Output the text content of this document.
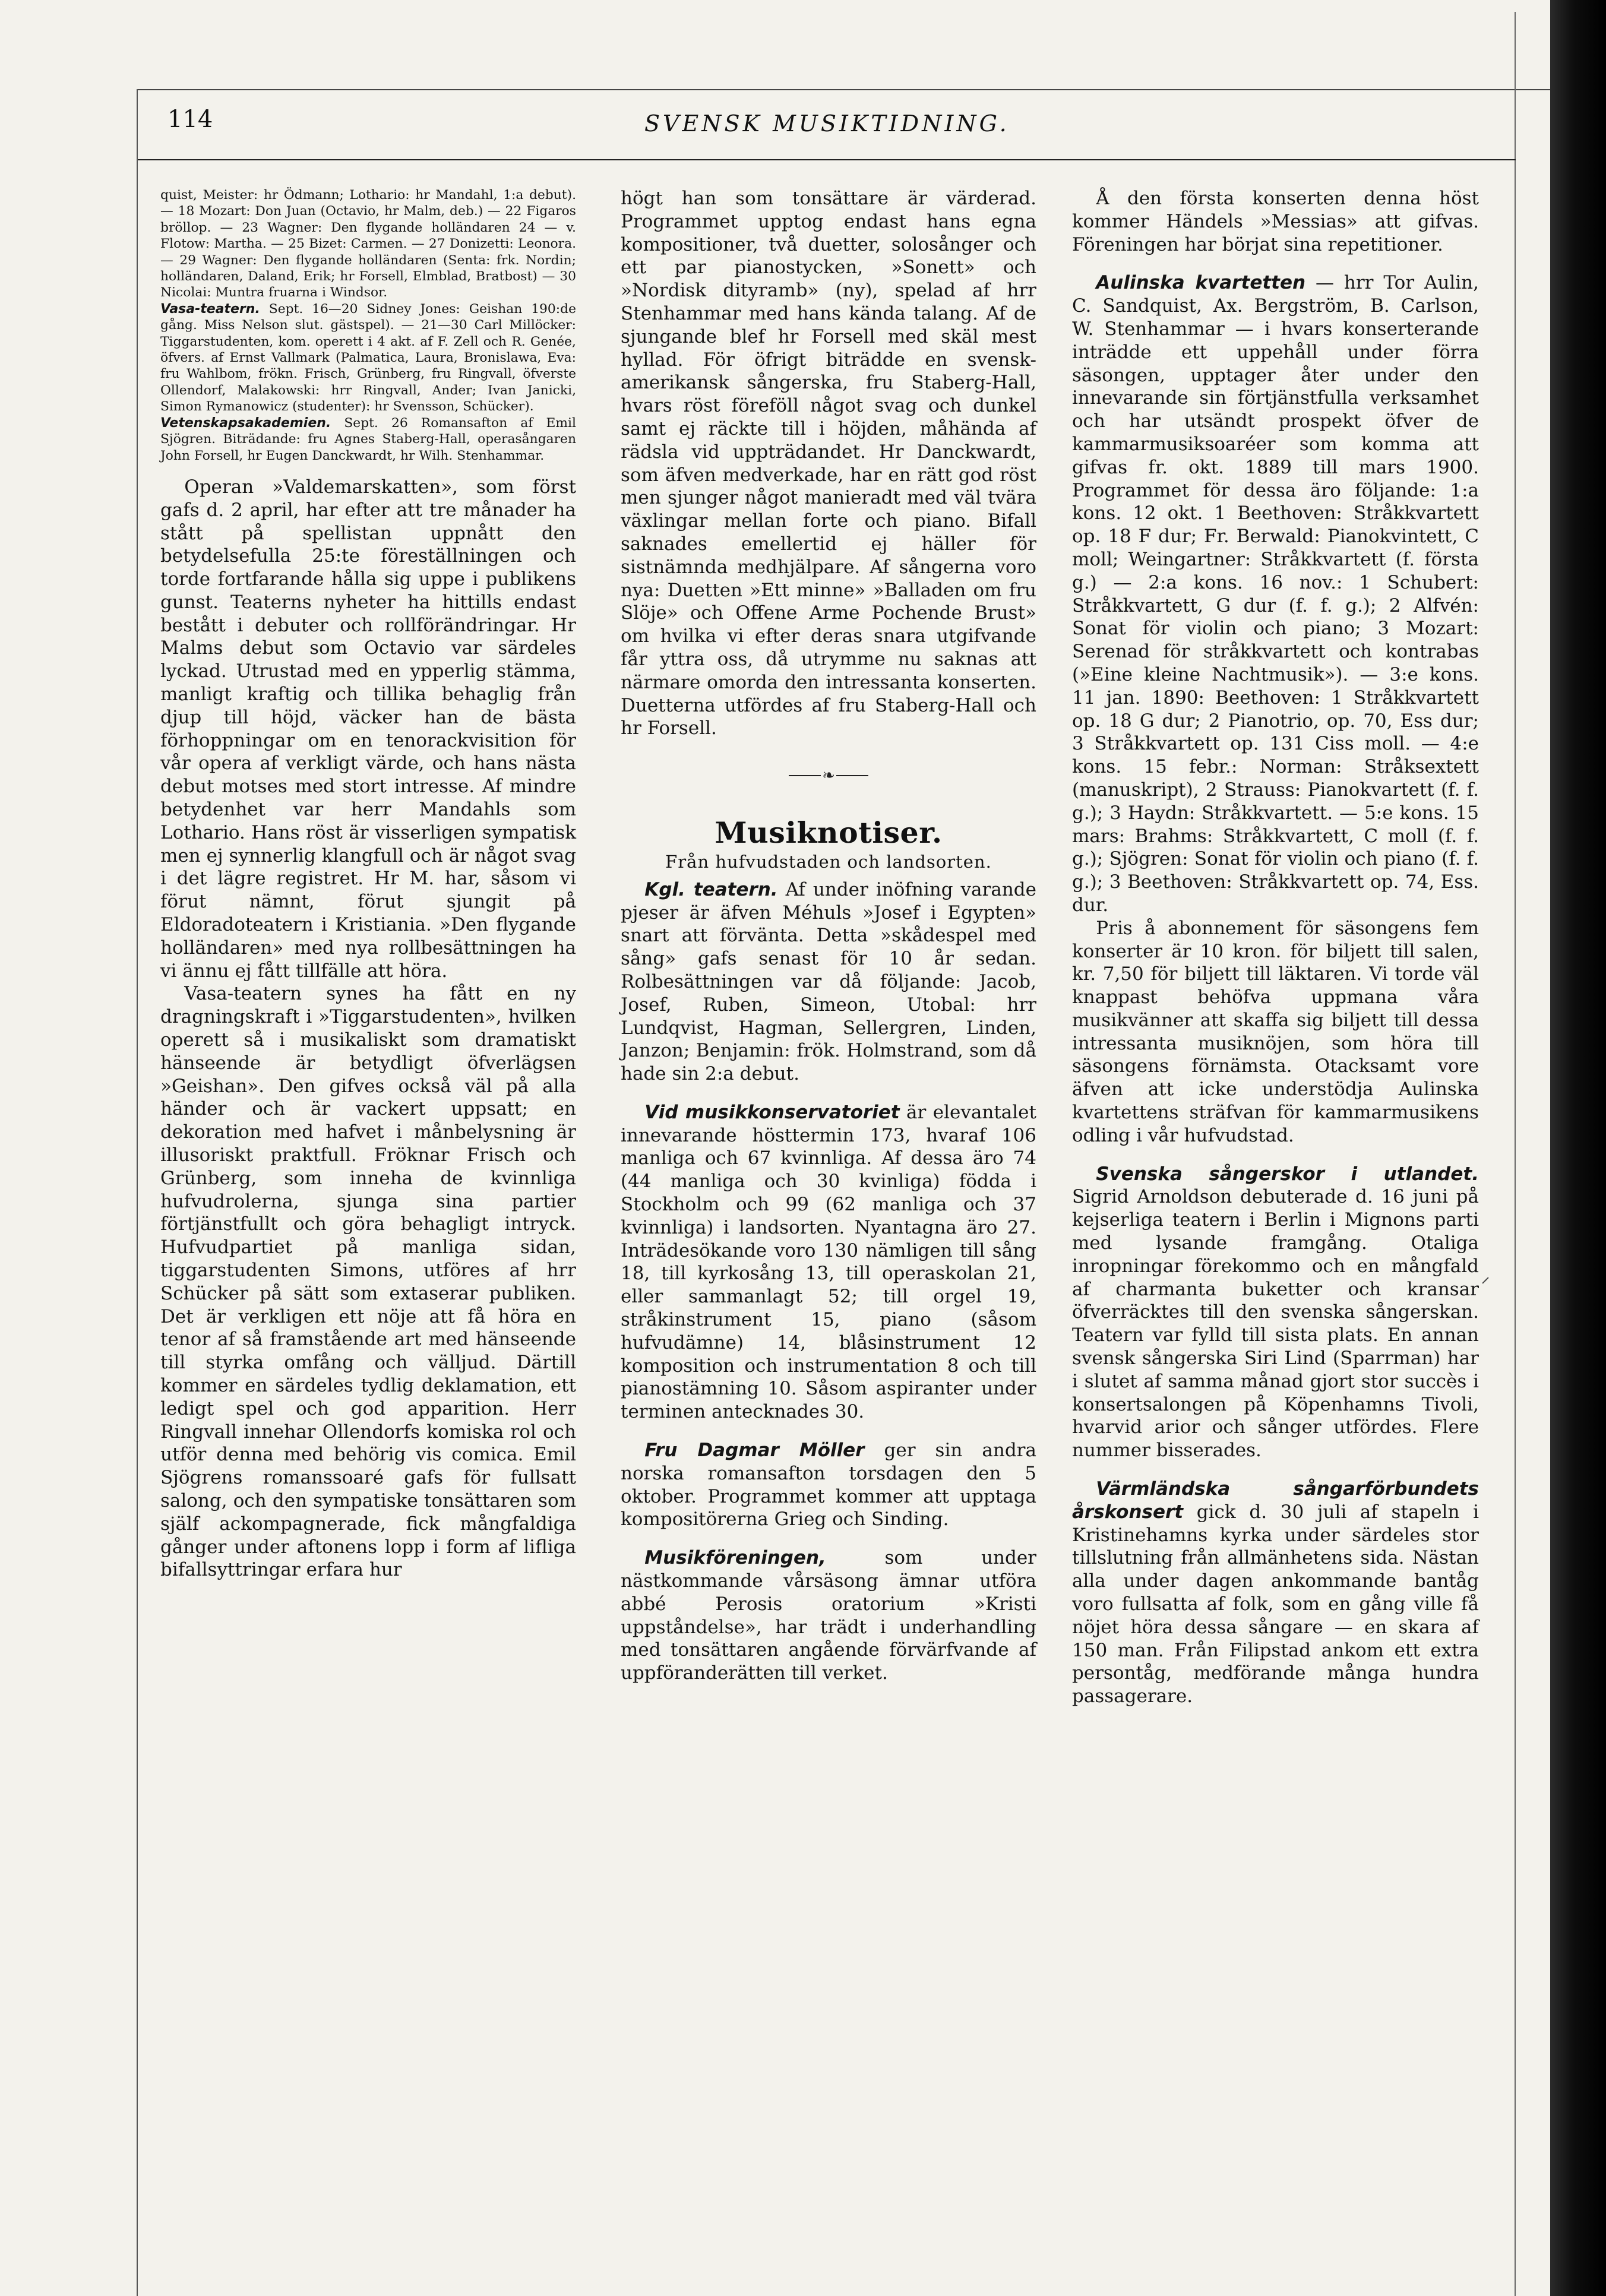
114	SVENSK MUSIKTIDNING.

quist, Meister: hr Ödmann; Lothario: hr Mandahl, 1:a debut). — 18 Mozart: Don Juan (Octavio, hr Malm, deb.) — 22 Figaros bröllop. — 23 Wagner: Den flygande holländaren 24 — v. Flotow: Martha. — 25 Bizet: Carmen. — 27 Donizetti: Leonora. — 29 Wagner: Den flygande holländaren (Senta: frk. Nordin; holländaren, Daland, Erik; hr Forsell, Elmblad, Bratbost) — 30 Nicolai: Muntra fruarna i Windsor.

Vasa-teatern. Sept. 16—20 Sidney Jones: Geishan 190:de gång. Miss Nelson slut. gästspel). — 21—30 Carl Millöcker: Tiggarstudenten, kom. operett i 4 akt. af F. Zell och R. Genée, öfvers. af Ernst Vallmark (Palmatica, Laura, Bronislawa, Eva: fru Wahlbom, frökn. Frisch, Grünberg, fru Ringvall, öfverste Ollendorf, Malakowski: hrr Ringvall, Ander; Ivan Janicki, Simon Rymanowicz (studenter): hr Svensson, Schücker).

Vetenskapsakademien. Sept. 26 Romansafton af Emil Sjögren. Biträdande: fru Agnes Staberg-Hall, operasångaren John Forsell, hr Eugen Danckwardt, hr Wilh. Stenhammar.

Operan »Valdemarskatten», som först gafs d. 2 april, har efter att tre månader ha stått på spellistan uppnått den betydelsefulla 25:te föreställningen och torde fortfarande hålla sig uppe i publikens gunst. Teaterns nyheter ha hittills endast bestått i debuter och rollförändringar. Hr Malms debut som Octavio var särdeles lyckad. Utrustad med en ypperlig stämma, manligt kraftig och tillika behaglig från djup till höjd, väcker han de bästa förhoppningar om en tenorackvisition för vår opera af verkligt värde, och hans nästa debut motses med stort intresse. Af mindre betydenhet var herr Mandahls som Lothario. Hans röst är visserligen sympatisk men ej synnerlig klangfull och är något svag i det lägre registret. Hr M. har, såsom vi förut nämnt, förut sjungit på Eldoradoteatern i Kristiania. »Den flygande holländaren» med nya rollbesättningen ha vi ännu ej fått tillfälle att höra.

Vasa-teatern synes ha fått en ny dragningskraft i »Tiggarstudenten», hvilken operett så i musikaliskt som dramatiskt hänseende är betydligt öfverlägsen »Geishan». Den gifves också väl på alla händer och är vackert uppsatt; en dekoration med hafvet i månbelysning är illusoriskt praktfull. Fröknar Frisch och Grünberg, som inneha de kvinnliga hufvudrolerna, sjunga sina partier förtjänstfullt och göra behagligt intryck. Hufvudpartiet på manliga sidan, tiggarstudenten Simons, utföres af hrr Schücker på sätt som extaserar publiken. Det är verkligen ett nöje att få höra en tenor af så framstående art med hänseende till styrka omfång och välljud. Därtill kommer en särdeles tydlig deklamation, ett ledigt spel och god apparition. Herr Ringvall innehar Ollendorfs komiska rol och utför denna med behörig vis comica. Emil Sjögrens romanssoaré gafs för fullsatt salong, och den sympatiske tonsättaren som själf ackompagnerade, fick mångfaldiga gånger under aftonens lopp i form af lifliga bifallsyttringar erfara hur

högt han som tonsättare är värderad. Programmet upptog endast hans egna kompositioner, två duetter, solosånger och ett par pianostycken, »Sonett» och »Nordisk dityramb» (ny), spelad af hrr Stenhammar med hans kända talang. Af de sjungande blef hr Forsell med skäl mest hyllad. För öfrigt biträdde en svensk-amerikansk sångerska, fru Staberg-Hall, hvars röst föreföll något svag och dunkel samt ej räckte till i höjden, måhända af rädsla vid uppträdandet. Hr Danckwardt, som äfven medverkade, har en rätt god röst men sjunger något manieradt med väl tvära växlingar mellan forte och piano. Bifall saknades emellertid ej häller för sistnämnda medhjälpare. Af sångerna voro nya: Duetten »Ett minne» »Balladen om fru Slöje» och Offene Arme Pochende Brust» om hvilka vi efter deras snara utgifvande får yttra oss, då utrymme nu saknas att närmare omorda den intressanta konserten. Duetterna utfördes af fru Staberg-Hall och hr Forsell.

❧
Musiknotiser.
Från hufvudstaden och landsorten.

Kgl. teatern. Af under inöfning varande pjeser är äfven Méhuls »Josef i Egypten» snart att förvänta. Detta »skådespel med sång» gafs senast för 10 år sedan. Rolbesättningen var då följande: Jacob, Josef, Ruben, Simeon, Utobal: hrr Lundqvist, Hagman, Sellergren, Linden, Janzon; Benjamin: frök. Holmstrand, som då hade sin 2:a debut.

Vid musikkonservatoriet är elevantalet innevarande hösttermin 173, hvaraf 106 manliga och 67 kvinnliga. Af dessa äro 74 (44 manliga och 30 kvinliga) födda i Stockholm och 99 (62 manliga och 37 kvinnliga) i landsorten. Nyantagna äro 27. Inträdesökande voro 130 nämligen till sång 18, till kyrkosång 13, till operaskolan 21, eller sammanlagt 52; till orgel 19, stråkinstrument 15, piano (såsom hufvudämne) 14, blåsinstrument 12 komposition och instrumentation 8 och till pianostämning 10. Såsom aspiranter under terminen antecknades 30.

Fru Dagmar Möller ger sin andra norska romansafton torsdagen den 5 oktober. Programmet kommer att upptaga kompositörerna Grieg och Sinding.

Musikföreningen,	som under nästkommande vårsäsong ämnar utföra abbé Perosis oratorium »Kristi uppståndelse», har trädt i underhandling med tonsättaren angående förvärfvande af uppföranderätten till verket.

Å den första konserten denna höst kommer Händels »Messias» att gifvas. Föreningen har börjat sina repetitioner.

Aulinska kvartetten — hrr Tor Aulin, C. Sandquist, Ax. Bergström, B. Carlson, W. Stenhammar — i hvars konserterande inträdde ett uppehåll under förra säsongen, upptager åter under den innevarande sin förtjänstfulla verksamhet och har utsändt prospekt öfver de kammarmusiksoaréer som komma att gifvas fr. okt. 1889 till mars 1900. Programmet för dessa äro följande: 1:a kons. 12 okt. 1 Beethoven: Stråkkvartett op. 18 F dur; Fr. Berwald: Pianokvintett, C moll; Weingartner: Stråkkvartett (f. första g.) — 2:a kons. 16 nov.: 1 Schubert: Stråkkvartett, G dur (f. f. g.); 2 Alfvén: Sonat för violin och piano; 3 Mozart: Serenad för stråkkvartett och kontrabas (»Eine kleine Nachtmusik»). — 3:e kons. 11 jan. 1890: Beethoven: 1 Stråkkvartett op. 18 G dur; 2 Pianotrio, op. 70, Ess dur; 3 Stråkkvartett op. 131 Ciss moll. — 4:e kons. 15 febr.: Norman: Stråksextett (manuskript), 2 Strauss: Pianokvartett (f. f. g.); 3 Haydn: Stråkkvartett. — 5:e kons. 15 mars: Brahms: Stråkkvartett, C moll (f. f. g.); Sjögren: Sonat för violin och piano (f. f. g.); 3 Beethoven: Stråkkvartett op. 74, Ess. dur.

Pris å abonnement för säsongens fem konserter är 10 kron. för biljett till salen, kr. 7,50 för biljett till läktaren. Vi torde väl knappast behöfva uppmana våra musikvänner att skaffa sig biljett till dessa intressanta musiknöjen, som höra till säsongens förnämsta. Otacksamt vore äfven att icke understödja Aulinska kvartettens sträfvan för kammarmusikens odling i vår hufvudstad.

Svenska sångerskor i utlandet. Sigrid Arnoldson debuterade d. 16 juni på kejserliga teatern i Berlin i Mignons parti med lysande framgång. Otaliga inropningar förekommo och en mångfald af charmanta buketter och kransar öfverräcktes till den svenska sångerskan. Teatern var fylld till sista plats. En annan svensk sångerska Siri Lind (Sparrman) har i slutet af samma månad gjort stor succès i konsertsalongen på Köpenhamns Tivoli, hvarvid arior och sånger utfördes. Flere nummer bisserades.

Värmländska sångarförbundets årskonsert gick d. 30 juli af stapeln i Kristinehamns kyrka under särdeles stor tillslutning från allmänhetens sida. Nästan alla under dagen ankommande bantåg voro fullsatta af folk, som en gång ville få nöjet höra dessa sångare — en skara af 150 man. Från Filipstad ankom ett extra persontåg, medförande många hundra passagerare.
